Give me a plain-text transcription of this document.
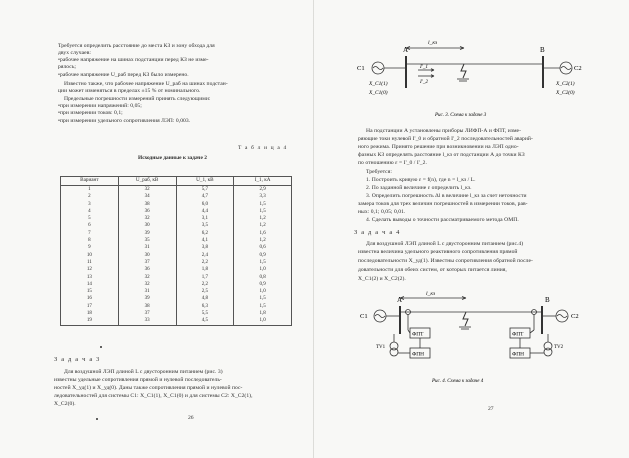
Требуется определить расстояние до места КЗ и зону обхода для
двух случаев:
•рабочее напряжение на шинах подстанции перед КЗ не изме-
рялось;
•рабочее напряжение U_раб перед КЗ было измерено.
Известно также, что рабочее напряжение U_раб на шинах подстан-
ции может изменяться в пределах ±15 % от номинального.
Предельные погрешности измерений принять следующими:
•при измерении напряжений: 0,05;
•при измерении токов: 0,1;
•при измерении удельного сопротивления ЛЭП: 0,003.
Т а б л и ц а 4
Исходные данные к задаче 2
Вариант	U_раб, кВ	U_1, кВ	I_1, кА
1	32	5,7	2,9
2	34	4,7	3,3
3	38	6,0	1,5
4	36	4,4	1,5
5	32	3,1	1,2
6	30	3,5	1,2
7	39	6,2	1,6
8	35	4,1	1,2
9	31	3,8	0,6
10	30	2,4	0,9
11	37	2,2	1,5
12	36	1,8	1,0
13	32	1,7	0,8
14	32	2,2	0,9
15	31	2,5	1,0
16	39	4,8	1,5
17	38	6,3	1,5
18	37	5,5	1,8
19	33	4,5	1,0
З а д а ч а 3
Для воздушной ЛЭП длиной L с двусторонним питанием (рис. 3)
известны удельные сопротивления прямой и нулевой последователь-
ностей X_уд(1) и X_уд(0). Даны также сопротивления прямой и нулевой пос-
ледовательностей для системы С1: X_C1(1), X_C1(0) и для системы С2: X_C2(1),
X_C2(0).
26
A	B
l_кз
I'_1
I'_2
C1	C2
X_C1(1)
X_C1(0)
X_C2(1)
X_C2(0)
Рис. 3. Схема к задаче 3
На подстанции А установлены приборы ЛИФП-А и ФПТ, изме-
ряющие токи нулевой I'_0 и обратной I'_2 последовательностей аварий-
ного режима. Принято решение при возникновении на ЛЭП одно-
фазных КЗ определять расстояние l_кз от подстанции А до точки КЗ
по отношению ε = I'_0 / I'_2.
Требуется:
1. Построить кривую ε = f(n), где n = l_кз / L.
2. По заданной величине ε определить l_кз.
3. Определить погрешность Δl в величине l_кз за счет неточности
замера токов для трех величин погрешностей в измерении токов, рав-
ных: 0,1; 0,05; 0,01.
4. Сделать выводы о точности рассматриваемого метода ОМП.
З а д а ч а 4
Для воздушной ЛЭП длиной L с двусторонним питанием (рис.4)
известна величина удельного реактивного сопротивления прямой
последовательности X_уд(1). Известны сопротивления обратной после-
довательности для обеих систем, от которых питается линия,
X_C1(2) и X_C2(2).
A	B
l_кз
C1	C2
ФПТ	ФПТ
ФПН	ФПН
TV1	TV2
Рис. 4. Схема к задаче 4
27
